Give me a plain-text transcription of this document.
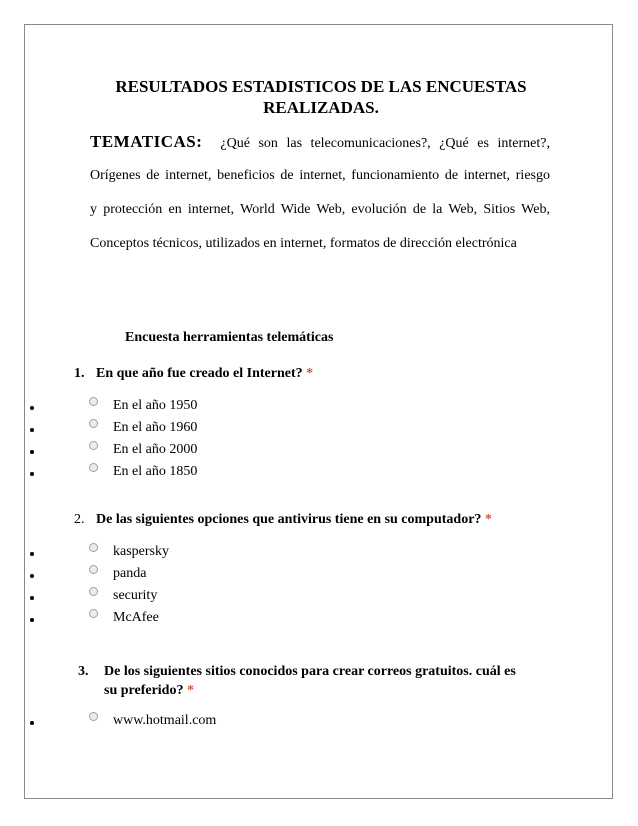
RESULTADOS ESTADISTICOS DE LAS ENCUESTAS REALIZADAS.
TEMATICAS: ¿Qué son las telecomunicaciones?, ¿Qué es internet?,
Orígenes de internet, beneficios de internet, funcionamiento de internet, riesgo
y protección en internet, World Wide Web, evolución de la Web, Sitios Web,
Conceptos técnicos, utilizados en internet, formatos de dirección electrónica
Encuesta herramientas telemáticas
1. En que año fue creado el Internet? *
En el año 1950
En el año 1960
En el año 2000
En el año 1850
2. De las siguientes opciones que antivirus tiene en su computador? *
kaspersky
panda
security
McAfee
3. De los siguientes sitios conocidos para crear correos gratuitos. cuál es
su preferido? *
www.hotmail.com
